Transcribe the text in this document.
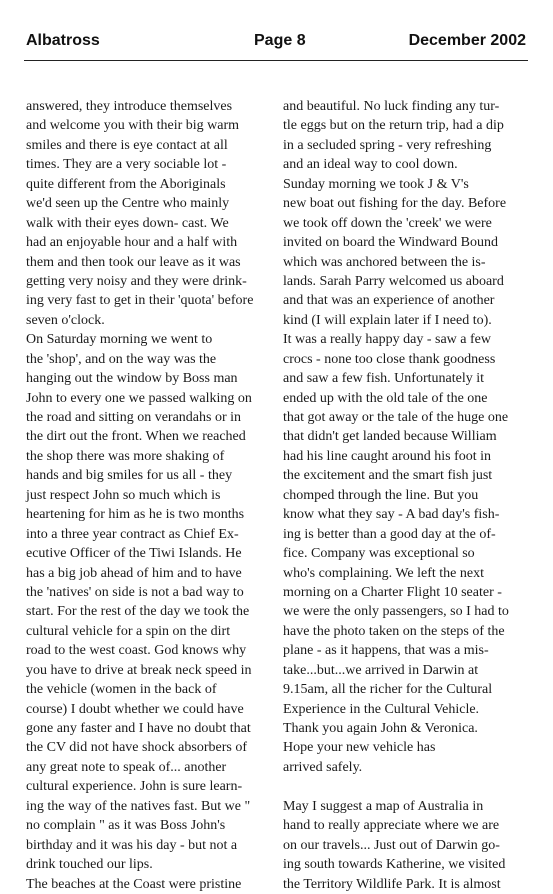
Albatross	Page 8	December 2002
answered, they introduce themselves
and welcome you with their big warm
smiles and there is eye contact at all
times. They are a very sociable lot -
quite different from the Aboriginals
we'd seen up the Centre who mainly
walk with their eyes down- cast. We
had an enjoyable hour and a half with
them and then took our leave as it was
getting very noisy and they were drink-
ing very fast to get in their 'quota' before
seven o'clock.
On Saturday morning we went to
the 'shop', and on the way was the
hanging out the window by Boss man
John to every one we passed walking on
the road and sitting on verandahs or in
the dirt out the front. When we reached
the shop there was more shaking of
hands and big smiles for us all - they
just respect John so much which is
heartening for him as he is two months
into a three year contract as Chief Ex-
ecutive Officer of the Tiwi Islands. He
has a big job ahead of him and to have
the 'natives' on side is not a bad way to
start. For the rest of the day we took the
cultural vehicle for a spin on the dirt
road to the west coast. God knows why
you have to drive at break neck speed in
the vehicle (women in the back of
course) I doubt whether we could have
gone any faster and I have no doubt that
the CV did not have shock absorbers of
any great note to speak of... another
cultural experience. John is sure learn-
ing the way of the natives fast. But we "
no complain " as it was Boss John's
birthday and it was his day - but not a
drink touched our lips.
The beaches at the Coast were pristine
and beautiful. No luck finding any tur-
tle eggs but on the return trip, had a dip
in a secluded spring - very refreshing
and an ideal way to cool down.
Sunday morning we took J & V's
new boat out fishing for the day. Before
we took off down the 'creek' we were
invited on board the Windward Bound
which was anchored between the is-
lands. Sarah Parry welcomed us aboard
and that was an experience of another
kind (I will explain later if I need to).
It was a really happy day - saw a few
crocs - none too close thank goodness
and saw a few fish. Unfortunately it
ended up with the old tale of the one
that got away or the tale of the huge one
that didn't get landed because William
had his line caught around his foot in
the excitement and the smart fish just
chomped through the line. But you
know what they say - A bad day's fish-
ing is better than a good day at the of-
fice. Company was exceptional so
who's complaining. We left the next
morning on a Charter Flight 10 seater -
we were the only passengers, so I had to
have the photo taken on the steps of the
plane - as it happens, that was a mis-
take...but...we arrived in Darwin at
9.15am, all the richer for the Cultural
Experience in the Cultural Vehicle.
Thank you again John & Veronica.
Hope your new vehicle has
arrived safely.
May I suggest a map of Australia in
hand to really appreciate where we are
on our travels... Just out of Darwin go-
ing south towards Katherine, we visited
the Territory Wildlife Park. It is almost
